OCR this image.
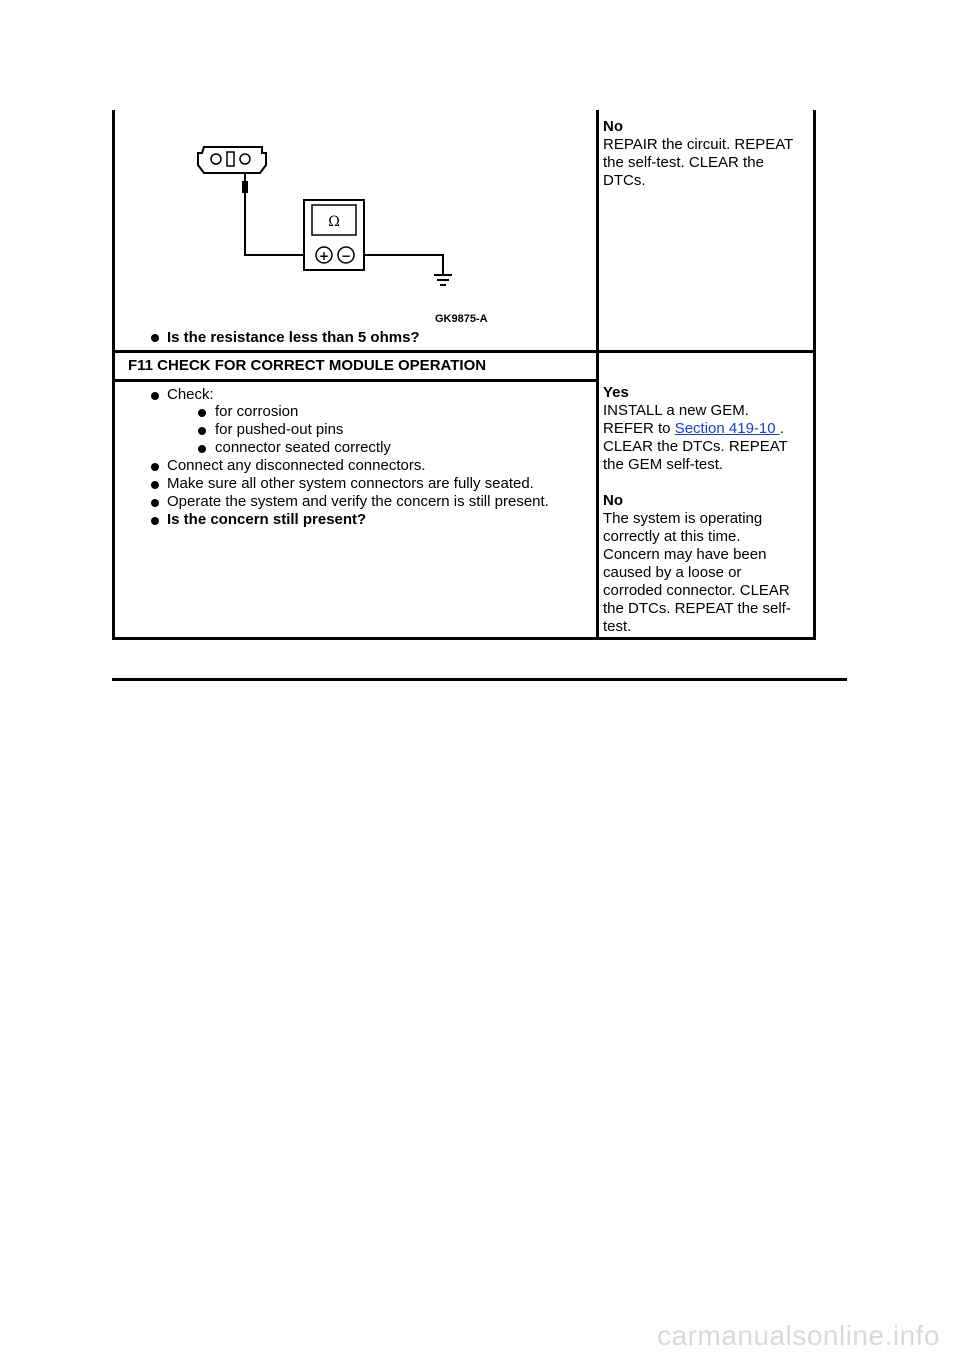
Ω
+ −
GK9875-A
Is the resistance less than 5 ohms?
No
REPAIR the circuit. REPEAT
the self-test. CLEAR the
DTCs.
F11 CHECK FOR CORRECT MODULE OPERATION
Check:
for corrosion
for pushed-out pins
connector seated correctly
Connect any disconnected connectors.
Make sure all other system connectors are fully seated.
Operate the system and verify the concern is still present.
Is the concern still present?
Yes
INSTALL a new GEM.
REFER to Section 419-10 .
CLEAR the DTCs. REPEAT
the GEM self-test.
No
The system is operating
correctly at this time.
Concern may have been
caused by a loose or
corroded connector. CLEAR
the DTCs. REPEAT the self-
test.
carmanualsonline.info
